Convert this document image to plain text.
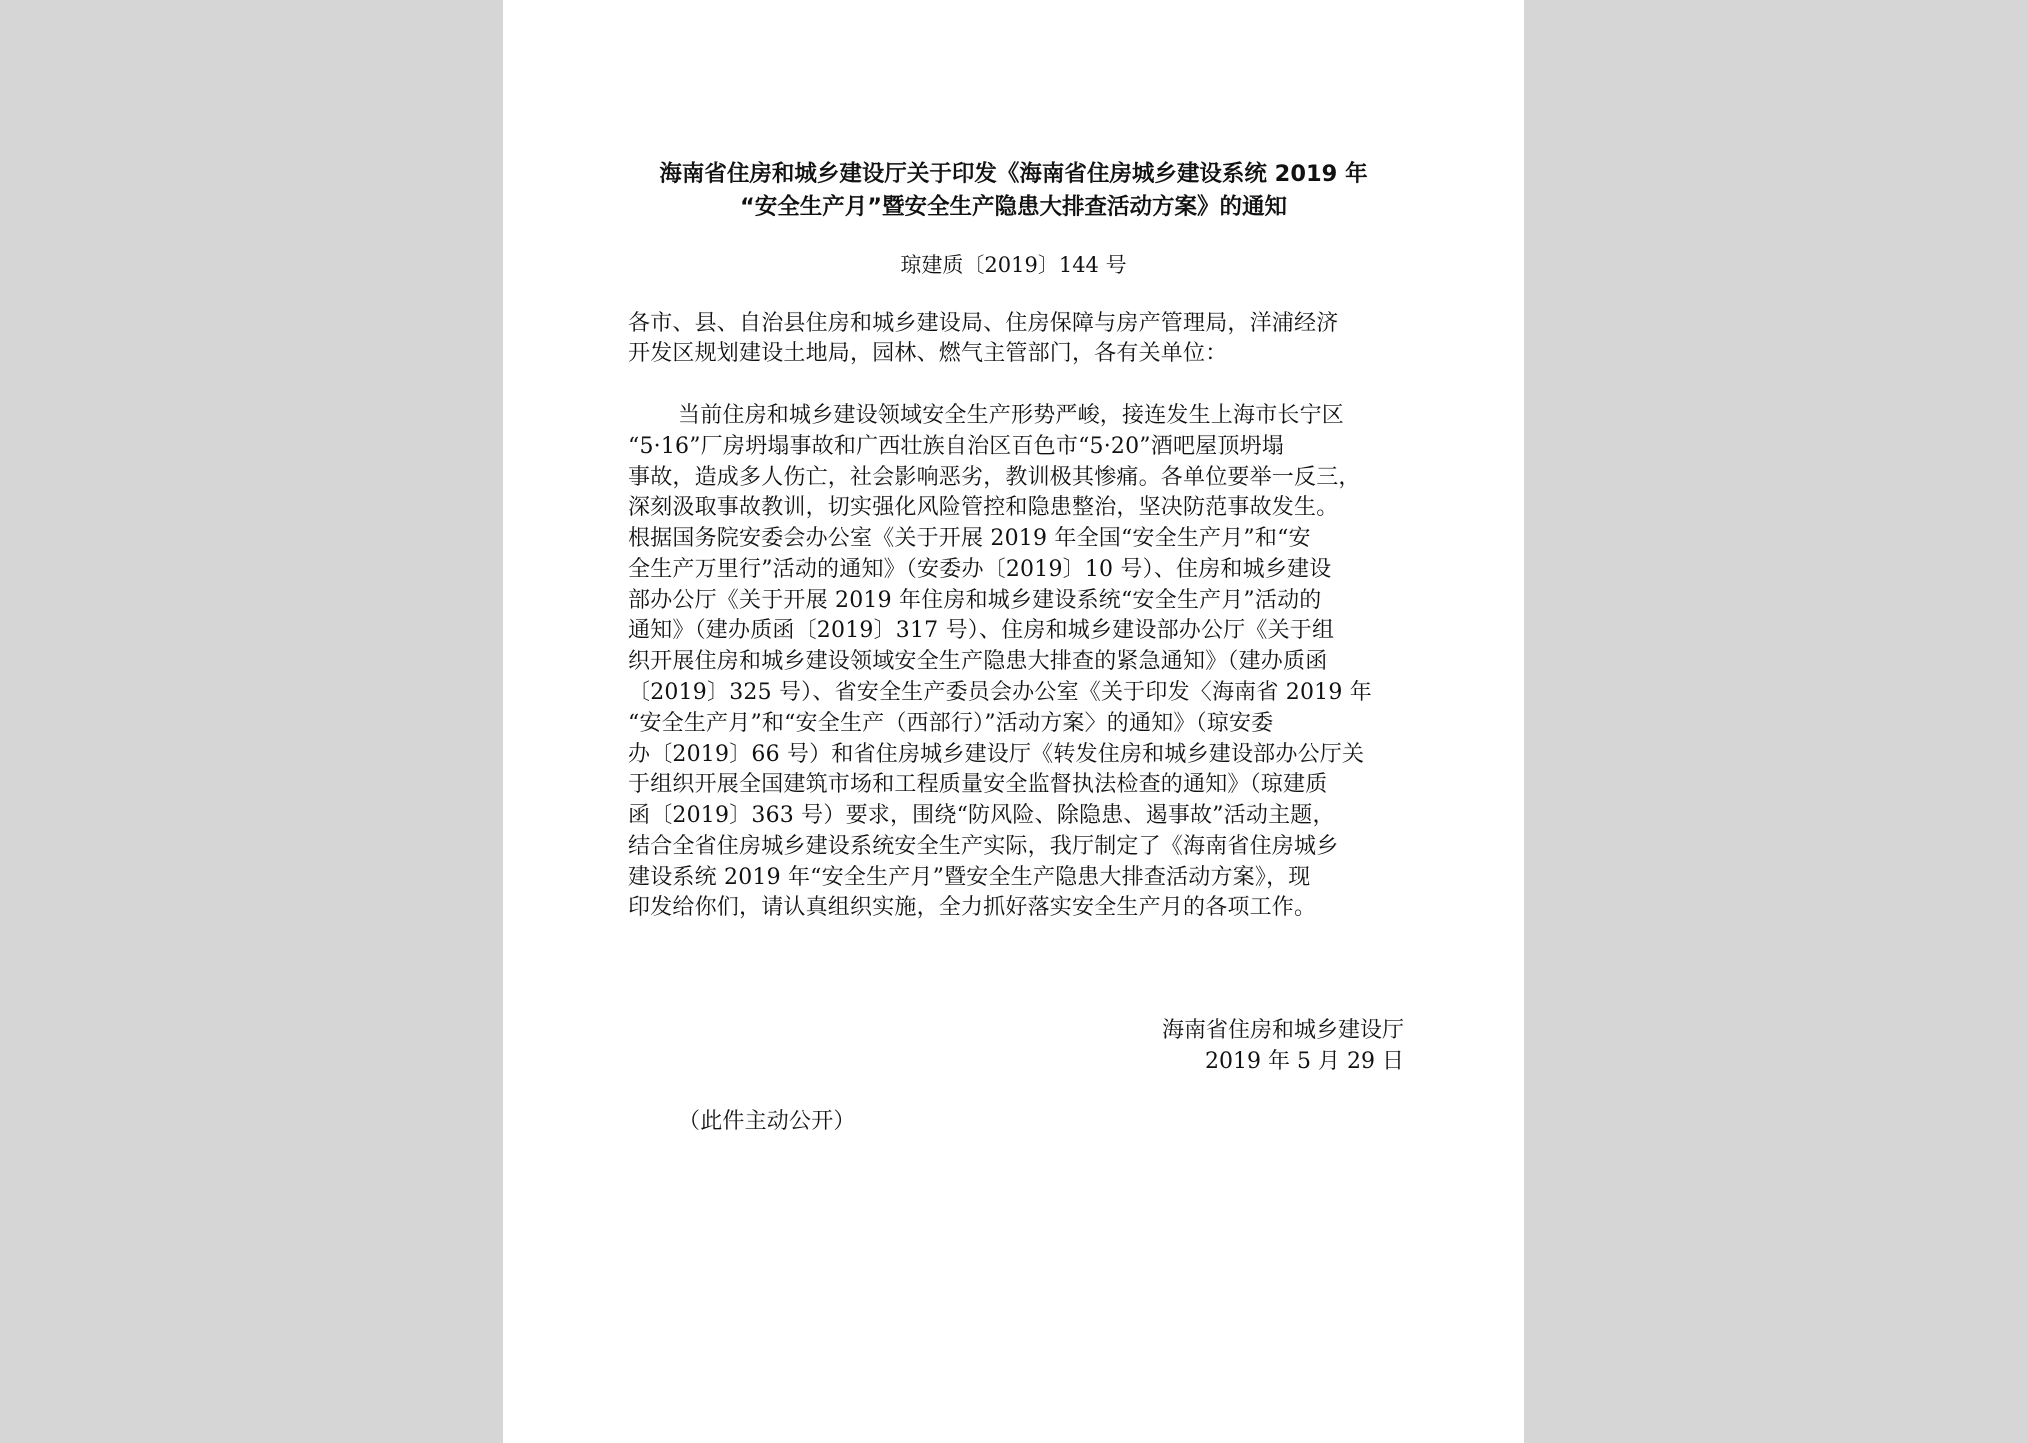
海南省住房和城乡建设厅关于印发《海南省住房城乡建设系统 2019 年
“安全生产月”暨安全生产隐患大排查活动方案》的通知
琼建质〔2019〕144 号
各市、县、自治县住房和城乡建设局、住房保障与房产管理局，洋浦经济
开发区规划建设土地局，园林、燃气主管部门，各有关单位：
当前住房和城乡建设领域安全生产形势严峻，接连发生上海市长宁区
“5·16”厂房坍塌事故和广西壮族自治区百色市“5·20”酒吧屋顶坍塌
事故，造成多人伤亡，社会影响恶劣，教训极其惨痛。各单位要举一反三，
深刻汲取事故教训，切实强化风险管控和隐患整治，坚决防范事故发生。
根据国务院安委会办公室《关于开展 2019 年全国“安全生产月”和“安
全生产万里行”活动的通知》（安委办〔2019〕10 号）、住房和城乡建设
部办公厅《关于开展 2019 年住房和城乡建设系统“安全生产月”活动的
通知》（建办质函〔2019〕317 号）、住房和城乡建设部办公厅《关于组
织开展住房和城乡建设领域安全生产隐患大排查的紧急通知》（建办质函
〔2019〕325 号）、省安全生产委员会办公室《关于印发〈海南省 2019 年
“安全生产月”和“安全生产（西部行）”活动方案〉的通知》（琼安委
办〔2019〕66 号）和省住房城乡建设厅《转发住房和城乡建设部办公厅关
于组织开展全国建筑市场和工程质量安全监督执法检查的通知》（琼建质
函〔2019〕363 号）要求，围绕“防风险、除隐患、遏事故”活动主题，
结合全省住房城乡建设系统安全生产实际，我厅制定了《海南省住房城乡
建设系统 2019 年“安全生产月”暨安全生产隐患大排查活动方案》，现
印发给你们，请认真组织实施，全力抓好落实安全生产月的各项工作。
海南省住房和城乡建设厅
2019 年 5 月 29 日
（此件主动公开）
